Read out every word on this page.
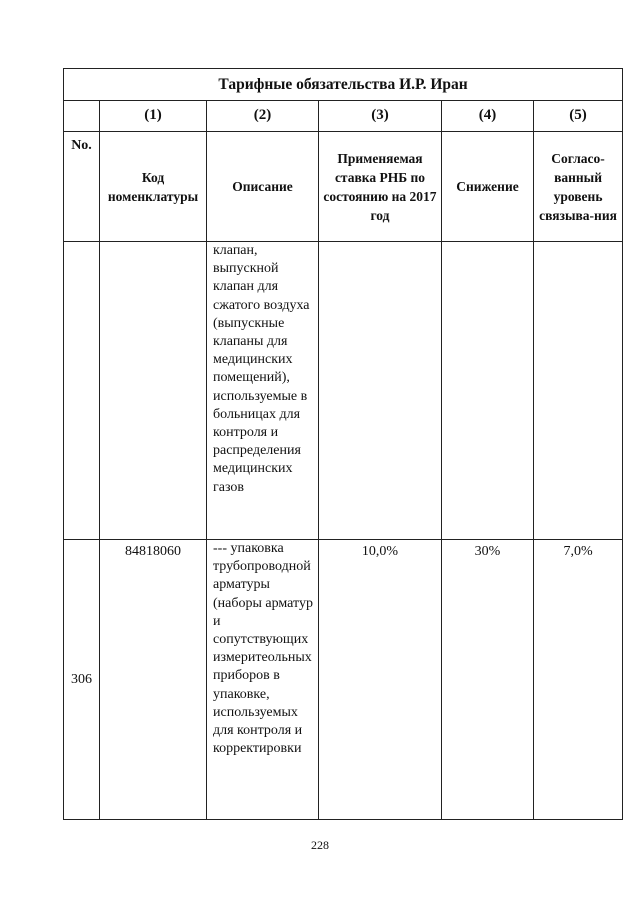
Тарифные обязательства И.Р. Иран					
	(1)	(2)	(3)	(4)	(5)
No.	Код номенклатуры	Описание	Применяемая ставка РНБ по состоянию на 2017 год	Снижение	Согласо-ванный уровень связыва-ния
		клапан, выпускной клапан для сжатого воздуха (выпускные клапаны для медицинских помещений), используемые в больницах для контроля и распределения медицинских газов			
306	84818060	--- упаковка трубопроводной арматуры (наборы арматур и сопутствующих измеритеольных приборов в упаковке, используемых для контроля и корректировки	10,0%	30%	7,0%
228
